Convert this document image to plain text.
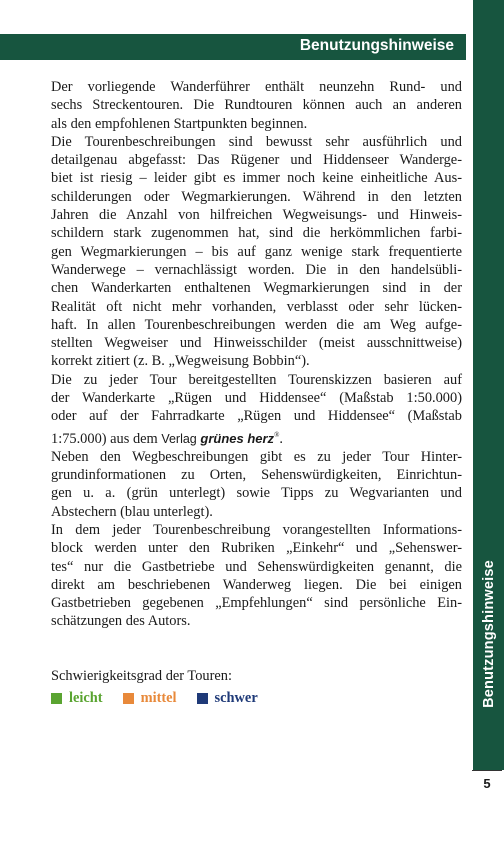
Benutzungshinweise
Benutzungshinweise

Der vorliegende Wanderführer enthält neunzehn Rund- und
sechs Streckentouren. Die Rundtouren können auch an anderen
als den empfohlenen Startpunkten beginnen.

Die Tourenbeschreibungen sind bewusst sehr ausführlich und
detailgenau abgefasst: Das Rügener und Hiddenseer Wanderge-
biet ist riesig – leider gibt es immer noch keine einheitliche Aus-
schilderungen oder Wegmarkierungen. Während in den letzten
Jahren die Anzahl von hilfreichen Wegweisungs- und Hinweis-
schildern stark zugenommen hat, sind die herkömmlichen farbi-
gen Wegmarkierungen – bis auf ganz wenige stark frequentierte
Wanderwege – vernachlässigt worden. Die in den handelsübli-
chen Wanderkarten enthaltenen Wegmarkierungen sind in der
Realität oft nicht mehr vorhanden, verblasst oder sehr lücken-
haft. In allen Tourenbeschreibungen werden die am Weg aufge-
stellten Wegweiser und Hinweisschilder (meist ausschnittweise)
korrekt zitiert (z. B. „Wegweisung Bobbin“).

Die zu jeder Tour bereitgestellten Tourenskizzen basieren auf
der Wanderkarte „Rügen und Hiddensee“ (Maßstab 1:50.000)
oder auf der Fahrradkarte „Rügen und Hiddensee“ (Maßstab
1:75.000) aus dem Verlag grünes herz®.

Neben den Wegbeschreibungen gibt es zu jeder Tour Hinter-
grundinformationen zu Orten, Sehenswürdigkeiten, Einrichtun-
gen u. a. (grün unterlegt) sowie Tipps zu Wegvarianten und
Abstechern (blau unterlegt).

In dem jeder Tourenbeschreibung vorangestellten Informations-
block werden unter den Rubriken „Einkehr“ und „Sehenswer-
tes“ nur die Gastbetriebe und Sehenswürdigkeiten genannt, die
direkt am beschriebenen Wanderweg liegen. Die bei einigen
Gastbetrieben gegebenen „Empfehlungen“ sind persönliche Ein-
schätzungen des Autors.

Schwierigkeitsgrad der Touren:
leicht	mittel	schwer
5
